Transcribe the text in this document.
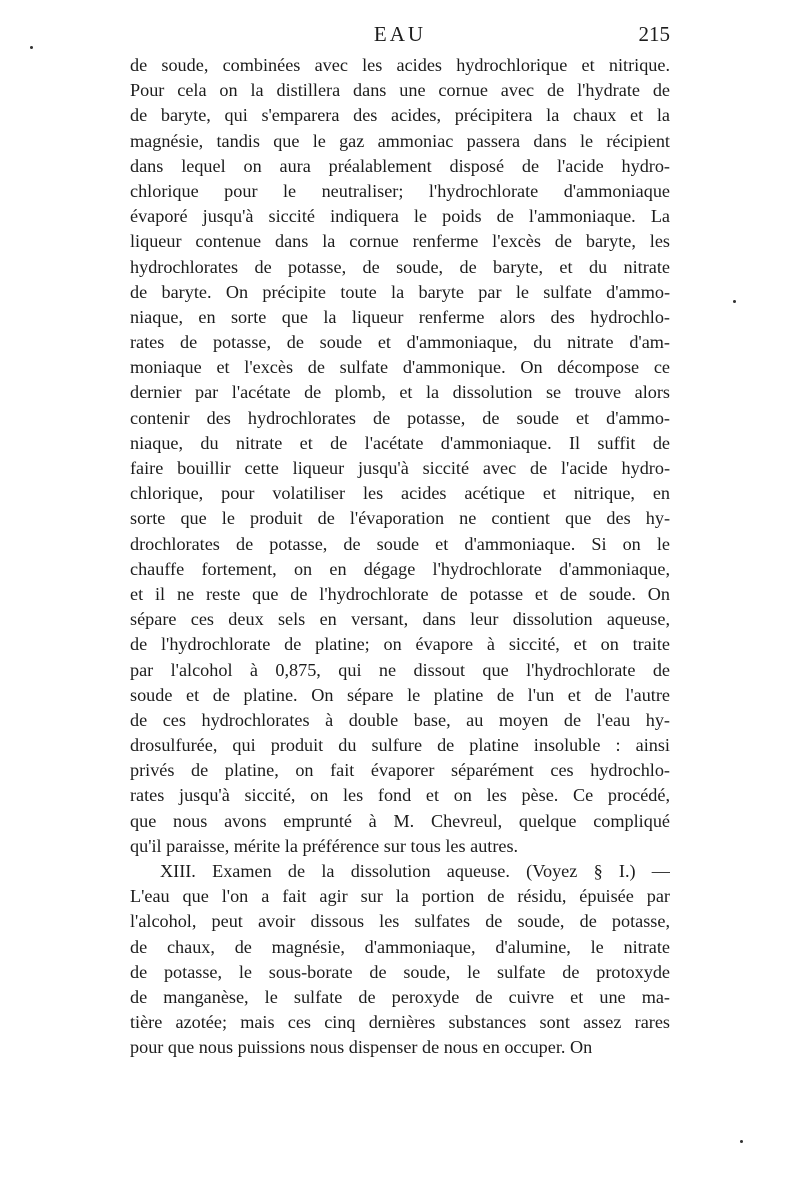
EAU	215

de soude, combinées avec les acides hydrochlorique et nitrique.
Pour cela on la distillera dans une cornue avec de l'hydrate de
de baryte, qui s'emparera des acides, précipitera la chaux et la
magnésie, tandis que le gaz ammoniac passera dans le récipient
dans lequel on aura préalablement disposé de l'acide hydro-
chlorique pour le neutraliser; l'hydrochlorate d'ammoniaque
évaporé jusqu'à siccité indiquera le poids de l'ammoniaque. La
liqueur contenue dans la cornue renferme l'excès de baryte, les
hydrochlorates de potasse, de soude, de baryte, et du nitrate
de baryte. On précipite toute la baryte par le sulfate d'ammo-
niaque, en sorte que la liqueur renferme alors des hydrochlo-
rates de potasse, de soude et d'ammoniaque, du nitrate d'am-
moniaque et l'excès de sulfate d'ammonique. On décompose ce
dernier par l'acétate de plomb, et la dissolution se trouve alors
contenir des hydrochlorates de potasse, de soude et d'ammo-
niaque, du nitrate et de l'acétate d'ammoniaque. Il suffit de
faire bouillir cette liqueur jusqu'à siccité avec de l'acide hydro-
chlorique, pour volatiliser les acides acétique et nitrique, en
sorte que le produit de l'évaporation ne contient que des hy-
drochlorates de potasse, de soude et d'ammoniaque. Si on le
chauffe fortement, on en dégage l'hydrochlorate d'ammoniaque,
et il ne reste que de l'hydrochlorate de potasse et de soude. On
sépare ces deux sels en versant, dans leur dissolution aqueuse,
de l'hydrochlorate de platine; on évapore à siccité, et on traite
par l'alcohol à 0,875, qui ne dissout que l'hydrochlorate de
soude et de platine. On sépare le platine de l'un et de l'autre
de ces hydrochlorates à double base, au moyen de l'eau hy-
drosulfurée, qui produit du sulfure de platine insoluble : ainsi
privés de platine, on fait évaporer séparément ces hydrochlo-
rates jusqu'à siccité, on les fond et on les pèse. Ce procédé,
que nous avons emprunté à M. Chevreul, quelque compliqué
qu'il paraisse, mérite la préférence sur tous les autres.

XIII. Examen de la dissolution aqueuse. (Voyez § I.) —
L'eau que l'on a fait agir sur la portion de résidu, épuisée par
l'alcohol, peut avoir dissous les sulfates de soude, de potasse,
de chaux, de magnésie, d'ammoniaque, d'alumine, le nitrate
de potasse, le sous-borate de soude, le sulfate de protoxyde
de manganèse, le sulfate de peroxyde de cuivre et une ma-
tière azotée; mais ces cinq dernières substances sont assez rares
pour que nous puissions nous dispenser de nous en occuper. On
